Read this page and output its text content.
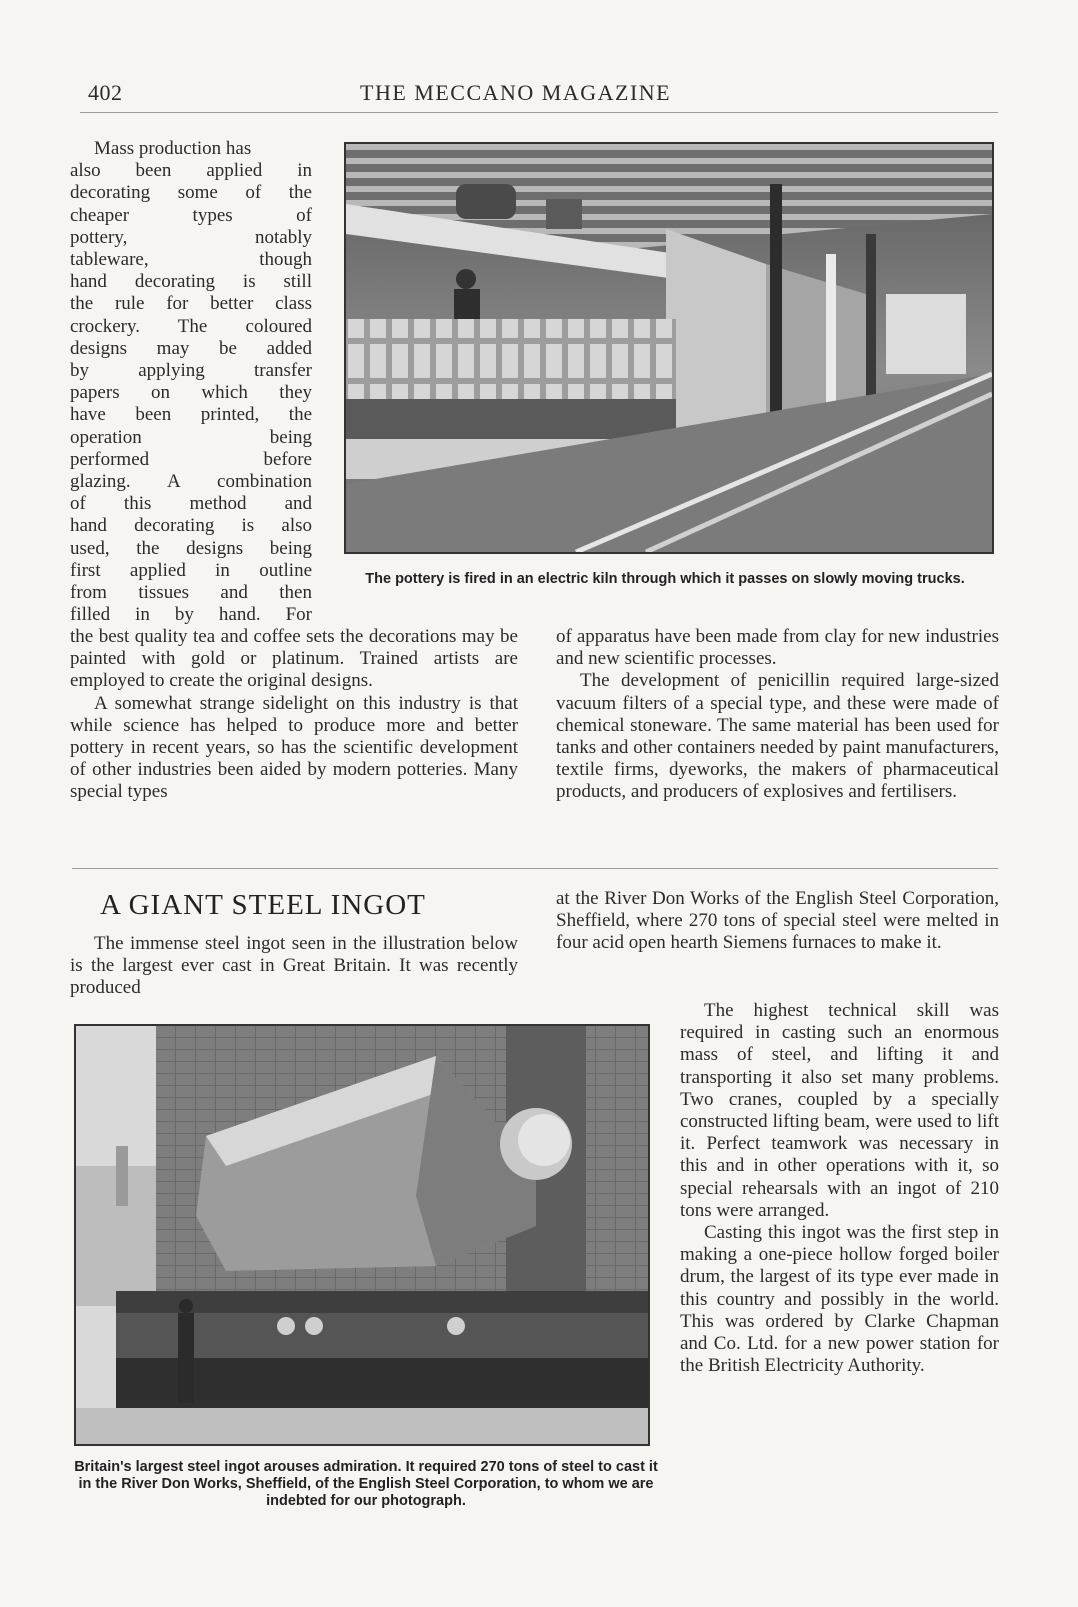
402	THE MECCANO MAGAZINE
Mass production has
also been applied in
decorating some of the
cheaper types of
pottery, notably
tableware, though
hand decorating is still
the rule for better class
crockery. The coloured
designs may be added
by applying transfer
papers on which they
have been printed, the
operation being
performed before
glazing. A combination
of this method and
hand decorating is also
used, the designs being
first applied in outline
from tissues and then
filled in by hand. For
The pottery is fired in an electric kiln through which it passes on slowly moving trucks.

the best quality tea and coffee sets the decorations may be painted with gold or platinum. Trained artists are employed to create the original designs.

A somewhat strange sidelight on this industry is that while science has helped to produce more and better pottery in recent years, so has the scientific development of other industries been aided by modern potteries. Many special types

of apparatus have been made from clay for new industries and new scientific processes.

The development of penicillin required large-sized vacuum filters of a special type, and these were made of chemical stoneware. The same material has been used for tanks and other containers needed by paint manufacturers, textile firms, dyeworks, the makers of pharmaceutical products, and producers of explosives and fertilisers.

A GIANT STEEL INGOT

The immense steel ingot seen in the illustration below is the largest ever cast in Great Britain. It was recently produced

at the River Don Works of the English Steel Corporation, Sheffield, where 270 tons of special steel were melted in four acid open hearth Siemens furnaces to make it.

Britain's largest steel ingot arouses admiration. It required 270 tons of steel to cast it in the River Don Works, Sheffield, of the English Steel Corporation, to whom we are indebted for our photograph.

The highest technical skill was required in casting such an enormous mass of steel, and lifting it and transporting it also set many problems. Two cranes, coupled by a specially constructed lifting beam, were used to lift it. Perfect teamwork was necessary in this and in other operations with it, so special rehearsals with an ingot of 210 tons were arranged.

Casting this ingot was the first step in making a one-piece hollow forged boiler drum, the largest of its type ever made in this country and possibly in the world. This was ordered by Clarke Chapman and Co. Ltd. for a new power station for the British Electricity Authority.
